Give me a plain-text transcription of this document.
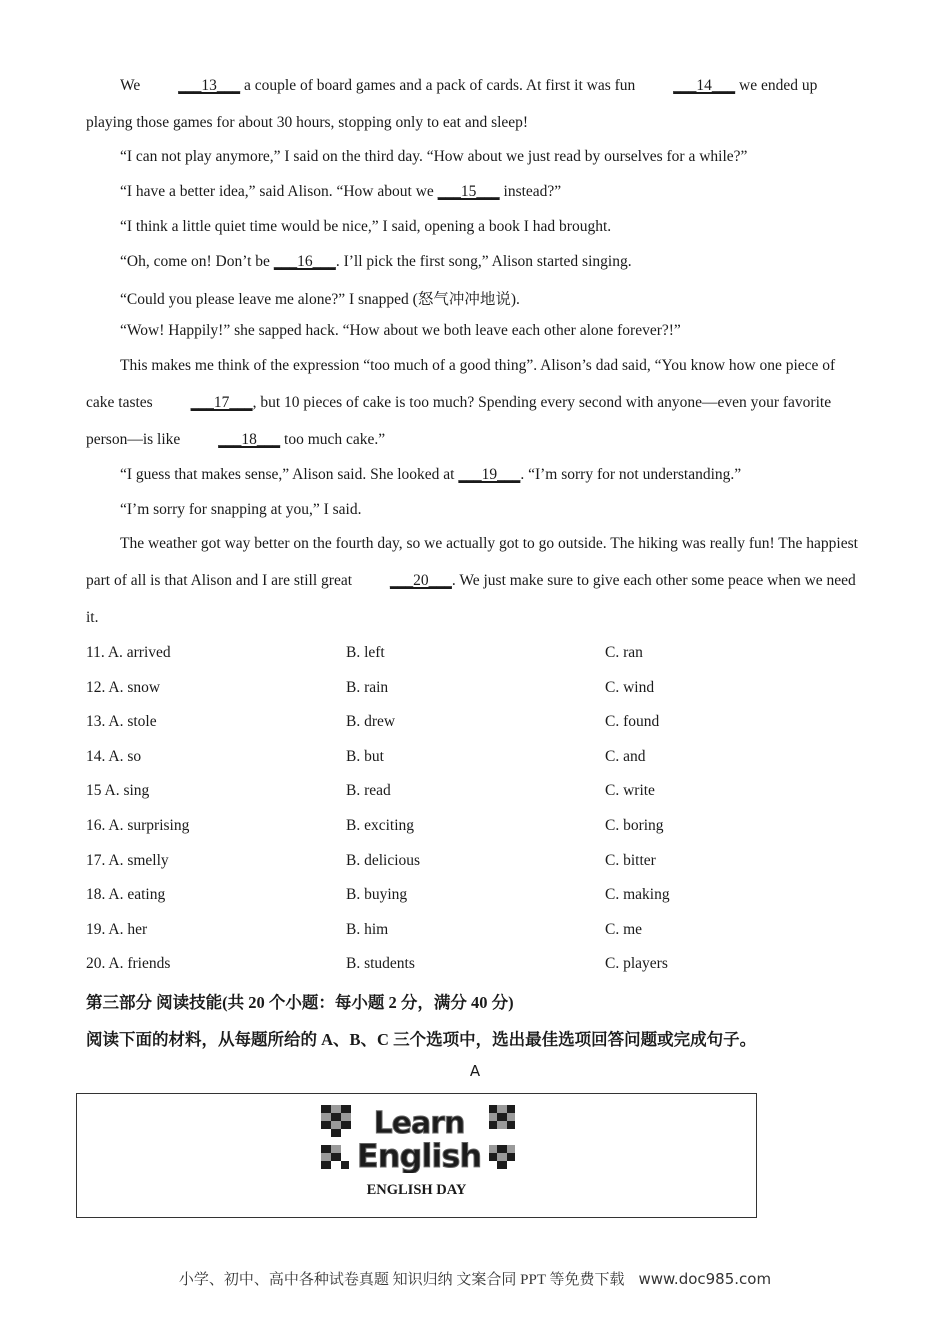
We ___13___ a couple of board games and a pack of cards. At first it was fun ___14___ we ended up playing those games for about 30 hours, stopping only to eat and sleep!

“I can not play anymore,” I said on the third day. “How about we just read by ourselves for a while?”
“I have a better idea,” said Alison. “How about we ___15___ instead?”
“I think a little quiet time would be nice,” I said, opening a book I had brought.
“Oh, come on! Don’t be ___16___. I’ll pick the first song,” Alison started singing.
“Could you please leave me alone?” I snapped (怒气冲冲地说).
“Wow! Happily!” she sapped hack. “How about we both leave each other alone forever?!”

This makes me think of the expression “too much of a good thing”. Alison’s dad said, “You know how one piece of cake tastes ___17___, but 10 pieces of cake is too much? Spending every second with anyone—even your favorite person—is like ___18___ too much cake.”

“I guess that makes sense,” Alison said. She looked at ___19___. “I’m sorry for not understanding.”
“I’m sorry for snapping at you,” I said.

The weather got way better on the fourth day, so we actually got to go outside. The hiking was really fun! The happiest part of all is that Alison and I are still great ___20___. We just make sure to give each other some peace when we need it.

11. A. arrived	B. left	C. ran
12. A. snow	B. rain	C. wind
13. A. stole	B. drew	C. found
14. A. so	B. but	C. and
15 A. sing	B. read	C. write
16. A. surprising	B. exciting	C. boring
17. A. smelly	B. delicious	C. bitter
18. A. eating	B. buying	C. making
19. A. her	B. him	C. me
20. A. friends	B. students	C. players
第三部分 阅读技能(共 20 个小题：每小题 2 分，满分 40 分)
阅读下面的材料，从每题所给的 A、B、C 三个选项中，选出最佳选项回答问题或完成句子。
A
Learn
English
ENGLISH DAY
小学、初中、高中各种试卷真题 知识归纳 文案合同 PPT 等免费下载 www.doc985.com
